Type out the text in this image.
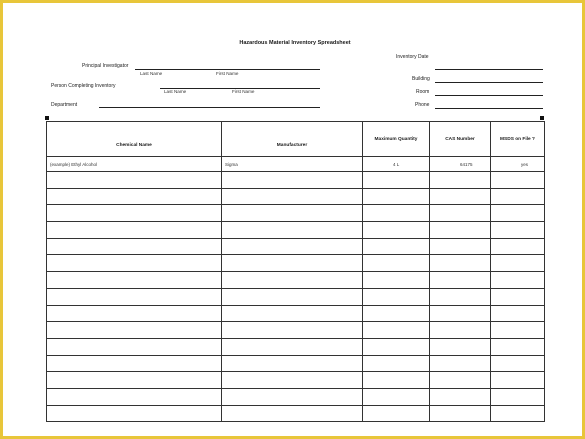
Hazardous Material Inventory Spreadsheet
Principal Investigator
Last Name	First Name
Person Completing Inventory
Last Name	First Name
Department
Inventory Date
Building
Room
Phone
Chemical Name	Manufacturer	Maximum Quantity	CAS Number	MSDS on File ?
(example) Ethyl Alcohol	Sigma	4 L	64175	yes
